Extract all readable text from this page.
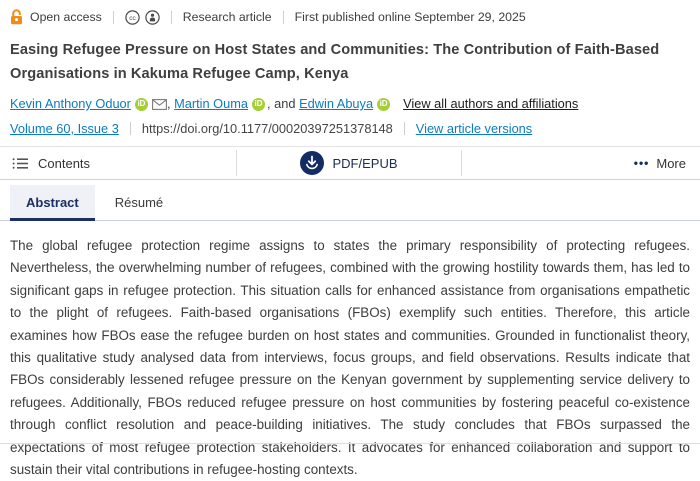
Open access	cc	Research article First published online September 29, 2025
Easing Refugee Pressure on Host States and Communities: The Contribution of Faith-Based Organisations in Kakuma Refugee Camp, Kenya
Kevin Anthony Oduor iD , Martin Ouma iD , and Edwin Abuya iD View all authors and affiliations
Volume 60, Issue 3 https://doi.org/10.1177/00020397251378148 View article versions
Contents	PDF/EPUB	••• More
Abstract	Résumé

The global refugee protection regime assigns to states the primary responsibility of protecting refugees. Nevertheless, the overwhelming number of refugees, combined with the growing hostility towards them, has led to significant gaps in refugee protection. This situation calls for enhanced assistance from organisations empathetic to the plight of refugees. Faith-based organisations (FBOs) exemplify such entities. Therefore, this article examines how FBOs ease the refugee burden on host states and communities. Grounded in functionalist theory, this qualitative study analysed data from interviews, focus groups, and field observations. Results indicate that FBOs considerably lessened refugee pressure on the Kenyan government by supplementing service delivery to refugees. Additionally, FBOs reduced refugee pressure on host communities by fostering peaceful co-existence through conflict resolution and peace-building initiatives. The study concludes that FBOs surpassed the expectations of most refugee protection stakeholders. It advocates for enhanced collaboration and support to sustain their vital contributions in refugee-hosting contexts.
